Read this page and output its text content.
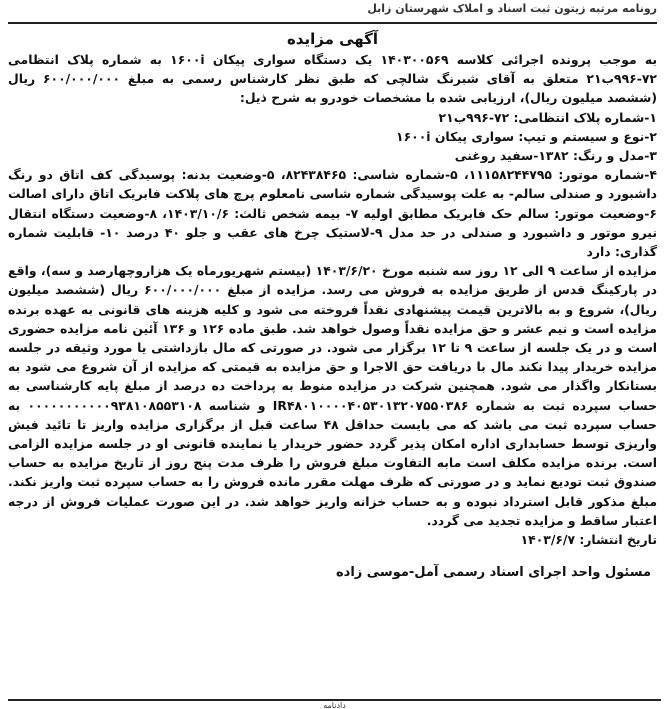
رونامه مرتبه زیتون ثبت اسناد و املاک شهرستان زابل
آگهی مزایده

به موجب پرونده اجرائی کلاسه ۱۴۰۳۰۰۵۶۹ یک دستگاه سواری پیکان ۱۶۰۰i به شماره پلاک انتظامی ۷۲-۹۹۶ب۲۱ متعلق به آقای شبرنگ شالچی که طبق نظر کارشناس رسمی به مبلغ ۶۰۰/۰۰۰/۰۰۰ ریال (ششصد میلیون ریال)، ارزیابی شده با مشخصات خودرو به شرح ذیل:

۱-شماره پلاک انتظامی: ۷۲-۹۹۶ب۲۱
۲-نوع و سیستم و تیپ: سواری پیکان ۱۶۰۰i
۳-مدل و رنگ: ۱۳۸۲-سفید روغنی
۴-شماره موتور: ۱۱۱۵۸۲۴۴۷۹۵، ۵-شماره شاسی: ۸۲۴۳۸۴۶۵، ۵-وضعیت بدنه: پوسیدگی کف اتاق دو رنگ داشبورد و صندلی سالم- به علت پوسیدگی شماره شاسی نامعلوم پرچ های پلاکت فابریک اتاق دارای اصالت ۶-وضعیت موتور: سالم حک فابریک مطابق اولیه ۷- بیمه شخص ثالث: ۱۴۰۳/۱۰/۶، ۸-وضعیت دستگاه انتقال نیرو موتور و داشبورد و صندلی در حد مدل ۹-لاستیک چرخ های عقب و جلو ۴۰ درصد ۱۰- قابلیت شماره گذاری: دارد

مزایده از ساعت ۹ الی ۱۲ روز سه شنبه مورخ ۱۴۰۳/۶/۲۰ (بیستم شهریورماه یک هزاروچهارصد و سه)، واقع در پارکینگ قدس از طریق مزایده به فروش می رسد. مزایده از مبلغ ۶۰۰/۰۰۰/۰۰۰ ریال (ششصد میلیون ریال)، شروع و به بالاترین قیمت پیشنهادی نقداً فروخته می شود و کلیه هزینه های قانونی به عهده برنده مزایده است و نیم عشر و حق مزایده نقداً وصول خواهد شد. طبق ماده ۱۲۶ و ۱۳۶ آئین نامه مزایده حضوری است و در یک جلسه از ساعت ۹ تا ۱۲ برگزار می شود. در صورتی که مال بازداشتی یا مورد وثیقه در جلسه مزایده خریدار پیدا نکند مال با دریافت حق الاجرا و حق مزایده به قیمتی که مزایده از آن شروع می شود به بستانکار واگذار می شود. همچنین شرکت در مزایده منوط به پرداخت ده درصد از مبلغ پایه کارشناسی به حساب سپرده ثبت به شماره IR۴۸۰۱۰۰۰۰۴۰۵۳۰۱۳۲۰۷۵۵۰۳۸۶ و شناسه ۰۰۰۰۰۰۰۰۰۰۰۹۳۸۱۰۸۵۵۳۱۰۸ به حساب سپرده ثبت می باشد که می بایست حداقل ۴۸ ساعت قبل از برگزاری مزایده واریز تا تائید فیش واریزی توسط حسابداری اداره امکان پذیر گردد حضور خریدار یا نماینده قانونی او در جلسه مزایده الزامی است. برنده مزایده مکلف است مابه التفاوت مبلغ فروش را ظرف مدت پنج روز از تاریخ مزایده به حساب صندوق ثبت تودیع نماید و در صورتی که ظرف مهلت مقرر مانده فروش را به حساب سپرده ثبت واریز نکند. مبلغ مذکور قابل استرداد نبوده و به حساب خزانه واریز خواهد شد. در این صورت عملیات فروش از درجه اعتبار ساقط و مزایده تجدید می گردد.

تاریخ انتشار: ۱۴۰۳/۶/۷

مسئول واحد اجرای اسناد رسمی آمل-موسی زاده
دادنامه
